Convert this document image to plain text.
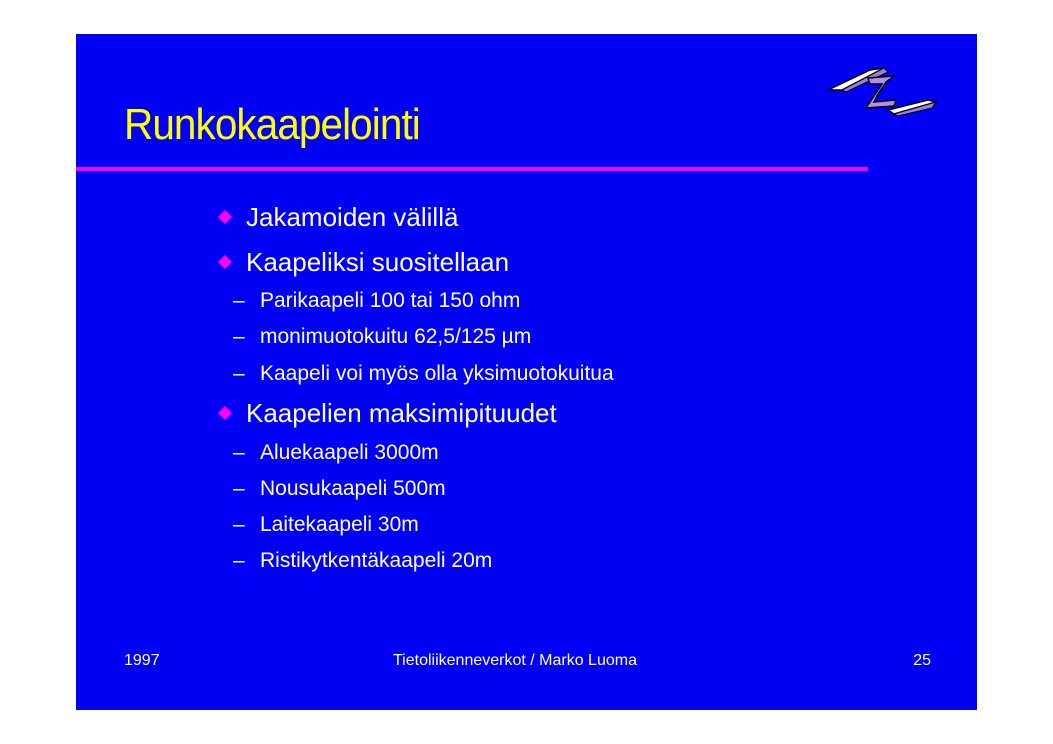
Runkokaapelointi
Jakamoiden välillä
Kaapeliksi suositellaan
– Parikaapeli 100 tai 150 ohm
– monimuotokuitu 62,5/125 µm
– Kaapeli voi myös olla yksimuotokuitua
Kaapelien maksimipituudet
– Aluekaapeli 3000m
– Nousukaapeli 500m
– Laitekaapeli 30m
– Ristikytkentäkaapeli 20m
1997	Tietoliikenneverkot / Marko Luoma	25
